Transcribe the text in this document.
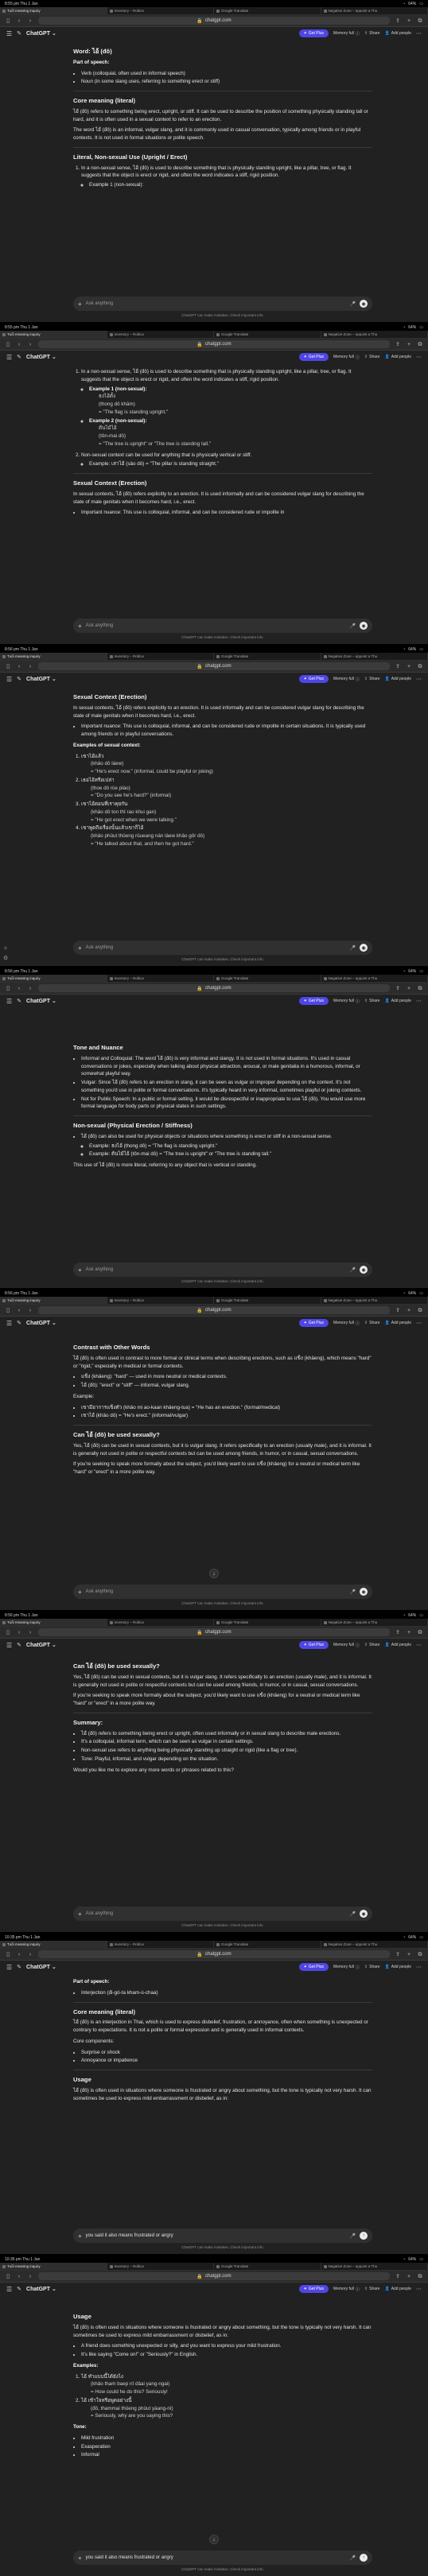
8:55 pm Thu 1 Jan	◔ 64% ▭
Tuổi meaning inquiry	Inventory – Roblox	Google Translate	Negative Zone – eppoint a Thu
▯	‹	›	🔒 chatgpt.com	⇪ + ⧉
☰ ✎ ChatGPT ⌄	✦ Get Plus Memory full ⓘ ⇧ Share 👤 Add people ⋯
Word: ไอ้ (đô)

Part of speech:

• Verb (colloquial, often used in informal speech)
• Noun (in some slang uses, referring to something erect or stiff)
Core meaning (literal)

ไอ้ (đô) refers to something being erect, upright, or stiff. It can be used to describe the position of something physically standing tall or hard, and it is often used in a sexual context to refer to an erection.

The word ไอ้ (đô) is an informal, vulgar slang, and it is commonly used in casual conversation, typically among friends or in playful contexts. It is not used in formal situations or polite speech.

Literal, Non-sexual Use (Upright / Erect)
1. In a non-sexual sense, ไอ้ (đô) is used to describe something that is physically standing upright, like a pillar, tree, or flag. It suggests that the object is erect or rigid, and often the word indicates a stiff, rigid position.
◦ Example 1 (non-sexual):
+ Ask anything	🎤	◉
ChatGPT can make mistakes. Check important info.
8:55 pm Thu 1 Jan	◔ 64% ▭
Tuổi meaning inquiry	Inventory – Roblox	Google Translate	Negative Zone – eppoint a Thu
▯	‹	›	🔒 chatgpt.com	⇪ + ⧉
☰ ✎ ChatGPT ⌄	✦ Get Plus Memory full ⓘ ⇧ Share 👤 Add people ⋯
1. In a non-sexual sense, ไอ้ (đô) is used to describe something that is physically standing upright, like a pillar, tree, or flag. It suggests that the object is erect or rigid, and often the word indicates a stiff, rigid position.
◦ Example 1 (non-sexual):
ธงไอ้ตั้ง
(thong dô khâm)
= "The flag is standing upright."
◦ Example 2 (non-sexual):
ต้นไม้ไอ้
(tôn-mai dô)
= "The tree is upright" or "The tree is standing tall."
2. Non-sexual context can be used for anything that is physically vertical or stiff.
◦ Example: เสาไอ้ (sǎo dô) = "The pillar is standing straight."
Sexual Context (Erection)

In sexual contexts, ไอ้ (đô) refers explicitly to an erection. It is used informally and can be considered vulgar slang for describing the state of male genitals when it becomes hard, i.e., erect.

• Important nuance: This use is colloquial, informal, and can be considered rude or impolite in
+ Ask anything	🎤	◉
ChatGPT can make mistakes. Check important info.
8:56 pm Thu 1 Jan	◔ 64% ▭
Tuổi meaning inquiry	Inventory – Roblox	Google Translate	Negative Zone – eppoint a Thu
▯	‹	›	🔒 chatgpt.com	⇪ + ⧉
☰ ✎ ChatGPT ⌄	✦ Get Plus Memory full ⓘ ⇧ Share 👤 Add people ⋯
Sexual Context (Erection)

In sexual contexts, ไอ้ (đô) refers explicitly to an erection. It is used informally and can be considered vulgar slang for describing the state of male genitals when it becomes hard, i.e., erect.

• Important nuance: This use is colloquial, informal, and can be considered rude or impolite in certain situations. It is typically used among friends or in playful conversations.

Examples of sexual context:

1. เขาไอ้แล้ว
(khǎo dô láew)
= "He's erect now." (informal, could be playful or joking)
2. เธอไอ้หรือเปล่า
(thoe dô rǔe plào)
= "Do you see he's hard?" (informal)
3. เขาไอ้ตอนที่เราคุยกัน
(khǎo dô ton thî rao khui gan)
= "He got erect when we were talking."
4. เขาพูดถึงเรื่องนั้นแล้วเขาก็ไอ้
(khǎo phûut thǔeng rûueang nán láew khǎo gôr dô)
= "He talked about that, and then he got hard."
✧
⚙
+ Ask anything	🎤	◉
ChatGPT can make mistakes. Check important info.
8:56 pm Thu 1 Jan	◔ 64% ▭
Tuổi meaning inquiry	Inventory – Roblox	Google Translate	Negative Zone – eppoint a Thu
▯	‹	›	🔒 chatgpt.com	⇪ + ⧉
☰ ✎ ChatGPT ⌄	✦ Get Plus Memory full ⓘ ⇧ Share 👤 Add people ⋯
Tone and Nuance
• Informal and Colloquial: The word ไอ้ (đô) is very informal and slangy. It is not used in formal situations. It's used in casual conversations or jokes, especially when talking about physical attraction, arousal, or male genitalia in a humorous, informal, or somewhat playful way.
• Vulgar: Since ไอ้ (đô) refers to an erection in slang, it can be seen as vulgar or improper depending on the context. It's not something you'd use in polite or formal conversations. It's typically heard in very informal, sometimes playful or joking contexts.
• Not for Public Speech: In a public or formal setting, it would be disrespectful or inappropriate to use ไอ้ (đô). You would use more formal language for body parts or physical states in such settings.
Non-sexual (Physical Erection / Stiffness)
• ไอ้ (đô) can also be used for physical objects or situations where something is erect or stiff in a non-sexual sense.
◦ Example: ธงไอ้ (thong dô) = "The flag is standing upright."
◦ Example: ต้นไม้ไอ้ (tôn-mai dô) = "The tree is upright" or "The tree is standing tall."

This use of ไอ้ (đô) is more literal, referring to any object that is vertical or standing.

+ Ask anything	🎤	◉
ChatGPT can make mistakes. Check important info.
8:56 pm Thu 1 Jan	◔ 64% ▭
Tuổi meaning inquiry	Inventory – Roblox	Google Translate	Negative Zone – eppoint a Thu
▯	‹	›	🔒 chatgpt.com	⇪ + ⧉
☰ ✎ ChatGPT ⌄	✦ Get Plus Memory full ⓘ ⇧ Share 👤 Add people ⋯
Contrast with Other Words

ไอ้ (đô) is often used in contrast to more formal or clinical terms when describing erections, such as แข็ง (khǎeng), which means "hard" or "rigid," especially in medical or formal contexts.

• แข็ง (khǎeng): "hard" — used in more neutral or medical contexts.
• ไอ้ (đô): "erect" or "stiff" — informal, vulgar slang.

Example:

• เขามีอาการแข็งตัว (khǎo mi ao-kaan khǎeng-tua) = "He has an erection." (formal/medical)
• เขาไอ้ (khǎo dô) = "He's erect." (informal/vulgar)
Can ไอ้ (đô) be used sexually?

Yes, ไอ้ (đô) can be used in sexual contexts, but it is vulgar slang. It refers specifically to an erection (usually male), and it is informal. It is generally not used in polite or respectful contexts but can be used among friends, in humor, or in casual, sexual conversations.

If you're seeking to speak more formally about the subject, you'd likely want to use แข็ง (khǎeng) for a neutral or medical term like "hard" or "erect" in a more polite way.

↓
+ Ask anything	🎤	◉
ChatGPT can make mistakes. Check important info.
8:56 pm Thu 1 Jan	◔ 64% ▭
Tuổi meaning inquiry	Inventory – Roblox	Google Translate	Negative Zone – eppoint a Thu
▯	‹	›	🔒 chatgpt.com	⇪ + ⧉
☰ ✎ ChatGPT ⌄	✦ Get Plus Memory full ⓘ ⇧ Share 👤 Add people ⋯
Can ไอ้ (đô) be used sexually?

Yes, ไอ้ (đô) can be used in sexual contexts, but it is vulgar slang. It refers specifically to an erection (usually male), and it is informal. It is generally not used in polite or respectful contexts but can be used among friends, in humor, or in casual, sexual conversations.

If you're seeking to speak more formally about the subject, you'd likely want to use แข็ง (khǎeng) for a neutral or medical term like "hard" or "erect" in a more polite way.

Summary:
• ไอ้ (đô) refers to something being erect or upright, often used informally or in sexual slang to describe male erections.
• It's a colloquial, informal term, which can be seen as vulgar in certain settings.
• Non-sexual use refers to anything being physically standing up straight or rigid (like a flag or tree).
• Tone: Playful, informal, and vulgar depending on the situation.

Would you like me to explore any more words or phrases related to this?

+ Ask anything	🎤	◉
ChatGPT can make mistakes. Check important info.
10:35 pm Thu 1 Jan	◔ 64% ▭
Tuổi meaning inquiry	Inventory – Roblox	Google Translate	Negative Zone – eppoint a Thu
▯	‹	›	🔒 chatgpt.com	⇪ + ⧉
☰ ✎ ChatGPT ⌄	✦ Get Plus Memory full ⓘ ⇧ Share 👤 Add people ⋯

Part of speech:

• Interjection (đi-gó-ta kham-ù-chaa)
Core meaning (literal)

ไอ้ (đô) is an interjection in Thai, which is used to express disbelief, frustration, or annoyance, often when something is unexpected or contrary to expectations. It is not a polite or formal expression and is generally used in informal contexts.

Core components:

• Surprise or shock
• Annoyance or impatience
Usage

ไอ้ (đô) is often used in situations where someone is frustrated or angry about something, but the tone is typically not very harsh. It can sometimes be used to express mild embarrassment or disbelief, as in:

+ you said it also means frustrated or angry	🎤	↑
ChatGPT can make mistakes. Check important info.
10:35 pm Thu 1 Jan	◔ 64% ▭
Tuổi meaning inquiry	Inventory – Roblox	Google Translate	Negative Zone – eppoint a Thu
▯	‹	›	🔒 chatgpt.com	⇪ + ⧉
☰ ✎ ChatGPT ⌄	✦ Get Plus Memory full ⓘ ⇧ Share 👤 Add people ⋯
Usage

ไอ้ (đô) is often used in situations where someone is frustrated or angry about something, but the tone is typically not very harsh. It can sometimes be used to express mild embarrassment or disbelief, as in:

• A friend does something unexpected or silly, and you want to express your mild frustration.
• It's like saying "Come on!" or "Seriously?" in English.

Examples:

1. ไอ้ ทำแบบนี้ได้ยังไง
(khǎo tham baep nî dâai yang-ngai)
= How could he do this? Seriously!
2. ไอ้ เข้าใจหรือพูดอย่างนี้
(đô, thammai thǔeng phûut yàang-nî)
= Seriously, why are you saying this?

Tone:

• Mild frustration
• Exasperation
• Informal
↓
+ you said it also means frustrated or angry	🎤	↑
ChatGPT can make mistakes. Check important info.
